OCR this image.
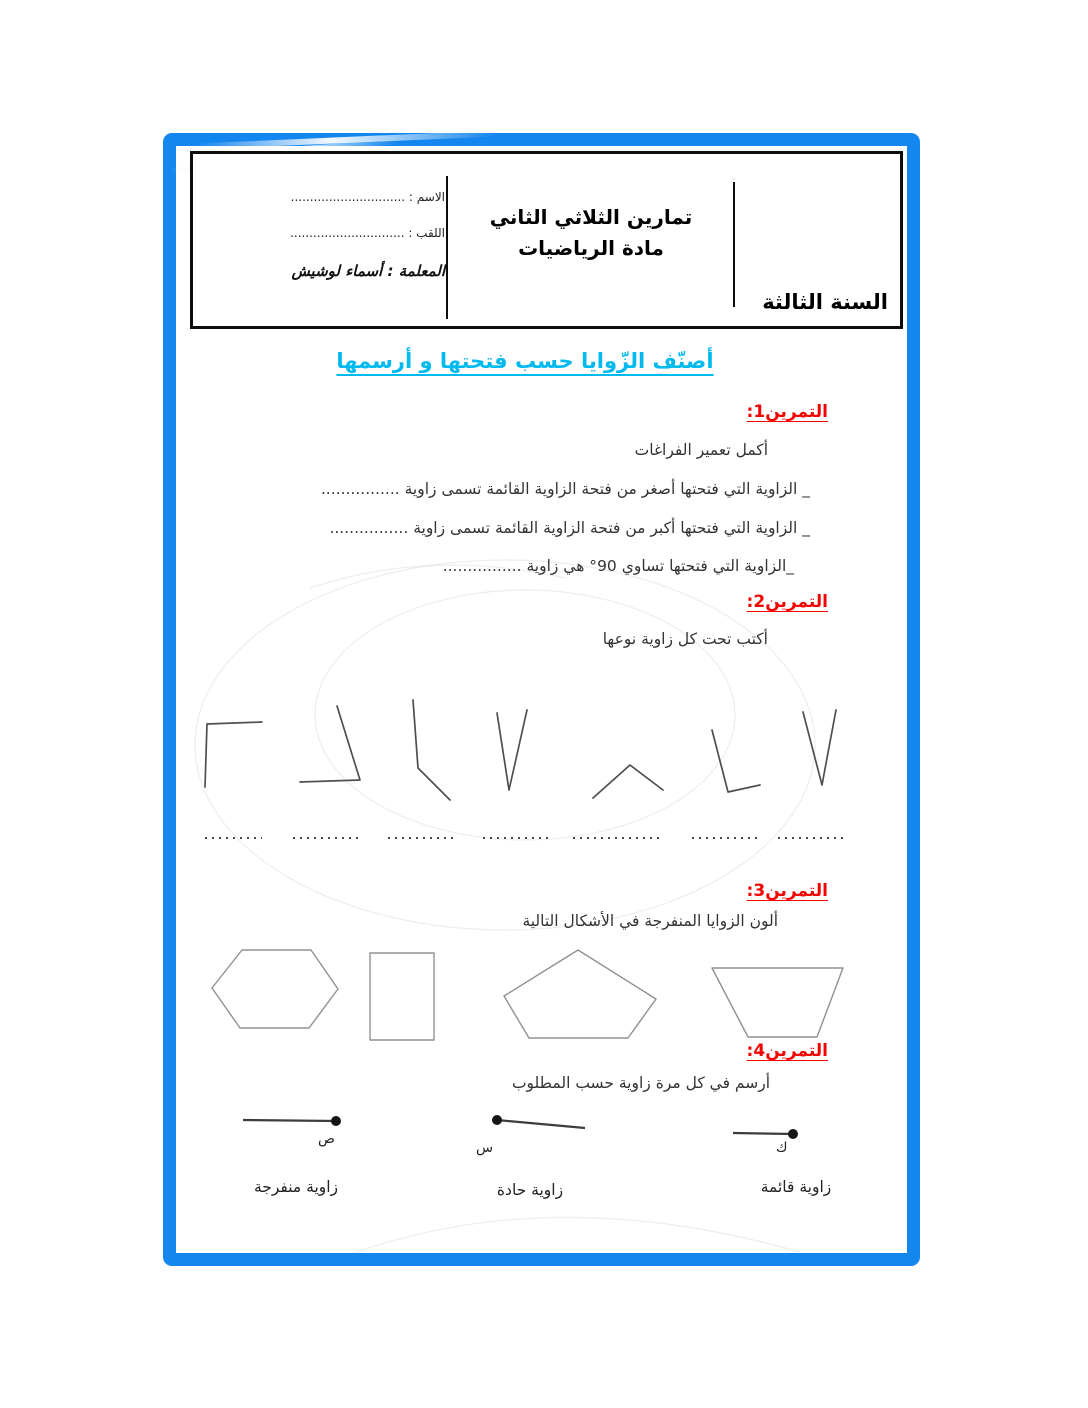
السنة الثالثة
تمارين الثلاثي الثاني
مادة الرياضيات
الاسم : ..............................
اللقب : ..............................
المعلمة : أسماء لوشيش
أصنّف الزّوايا حسب فتحتها و أرسمها
التمرين1:
أكمل تعمير الفراغات
_ الزاوية التي فتحتها أصغر من فتحة الزاوية القائمة تسمى زاوية ................
_ الزاوية التي فتحتها أكبر من فتحة الزاوية القائمة تسمى زاوية ................
_الزاوية التي فتحتها تساوي 90° هي زاوية ................
التمرين2:
أكتب تحت كل زاوية نوعها
التمرين3:
ألون الزوايا المنفرجة في الأشكال التالية
التمرين4:
أرسم في كل مرة زاوية حسب المطلوب
ك
س
ص
زاوية قائمة
زاوية حادة
زاوية منفرجة
